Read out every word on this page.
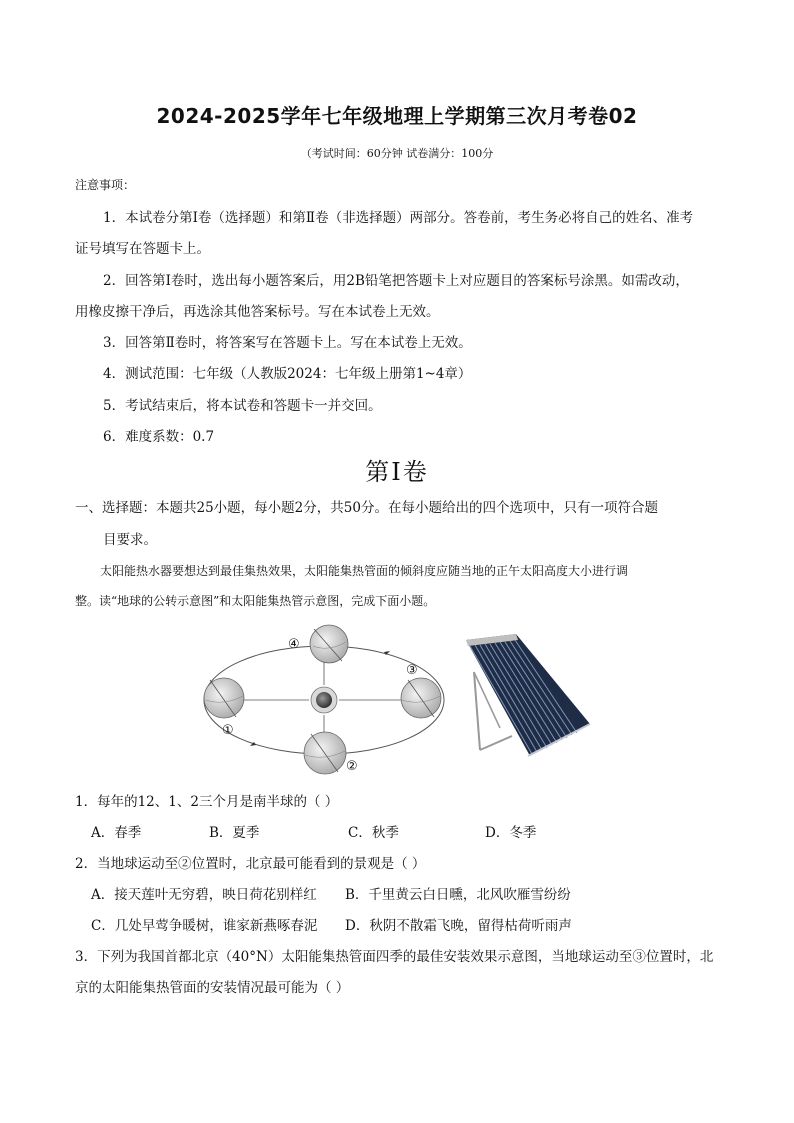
2024-2025学年七年级地理上学期第三次月考卷02
（考试时间：60分钟 试卷满分：100分
注意事项：
1．本试卷分第Ⅰ卷（选择题）和第Ⅱ卷（非选择题）两部分。答卷前，考生务必将自己的姓名、准考
证号填写在答题卡上。
2．回答第Ⅰ卷时，选出每小题答案后，用2B铅笔把答题卡上对应题目的答案标号涂黑。如需改动，
用橡皮擦干净后，再选涂其他答案标号。写在本试卷上无效。
3．回答第Ⅱ卷时，将答案写在答题卡上。写在本试卷上无效。
4．测试范围：七年级（人教版2024：七年级上册第1~4章）
5．考试结束后，将本试卷和答题卡一并交回。
6．难度系数：0.7
第Ⅰ卷
一、选择题：本题共25小题，每小题2分，共50分。在每小题给出的四个选项中，只有一项符合题
目要求。
太阳能热水器要想达到最佳集热效果，太阳能集热管面的倾斜度应随当地的正午太阳高度大小进行调
整。读“地球的公转示意图”和太阳能集热管示意图，完成下面小题。
④
①
③
②
1．每年的12、1、2三个月是南半球的（ ）
A．春季	B．夏季	C．秋季	D．冬季
2．当地球运动至②位置时，北京最可能看到的景观是（ ）
A．接天莲叶无穷碧，映日荷花别样红 B．千里黄云白日曛，北风吹雁雪纷纷
C．几处早莺争暖树，谁家新燕啄春泥 D．秋阴不散霜飞晚，留得枯荷听雨声
3．下列为我国首都北京（40°N）太阳能集热管面四季的最佳安装效果示意图，当地球运动至③位置时，北
京的太阳能集热管面的安装情况最可能为（ ）
